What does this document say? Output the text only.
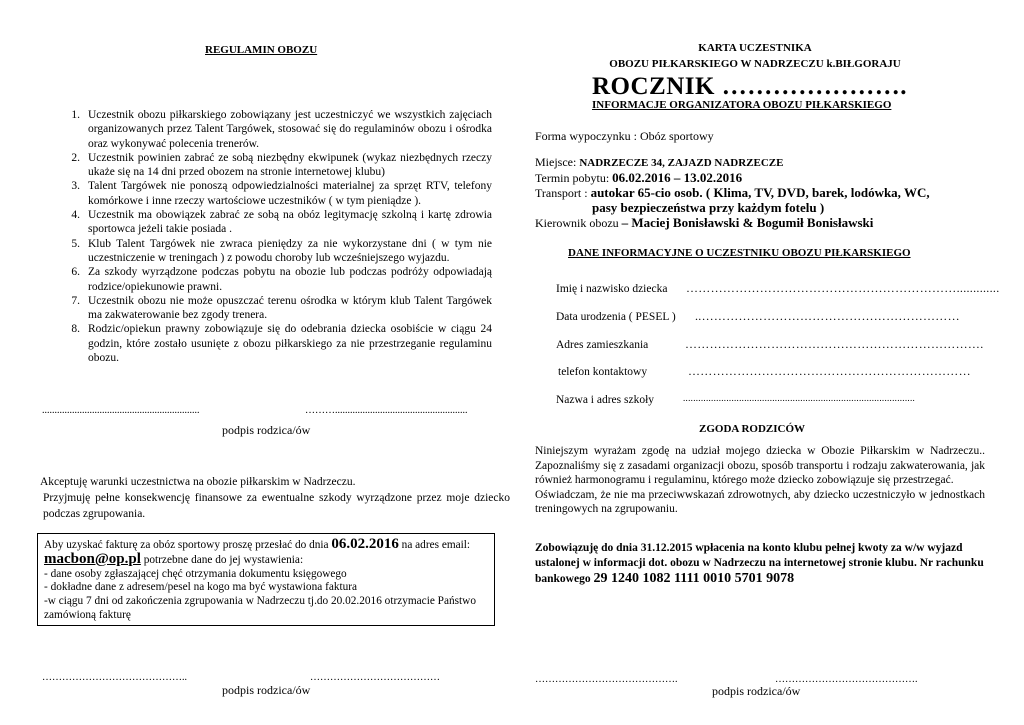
REGULAMIN OBOZU
1. Uczestnik obozu piłkarskiego zobowiązany jest uczestniczyć we wszystkich zajęciach organizowanych przez Talent Targówek, stosować się do regulaminów obozu i ośrodka oraz wykonywać polecenia trenerów.
2. Uczestnik powinien zabrać ze sobą niezbędny ekwipunek (wykaz niezbędnych rzeczy ukaże się na 14 dni przed obozem na stronie internetowej klubu)
3. Talent Targówek nie ponoszą odpowiedzialności materialnej za sprzęt RTV, telefony komórkowe i inne rzeczy wartościowe uczestników ( w tym pieniądze ).
4. Uczestnik ma obowiązek zabrać ze sobą na obóz legitymację szkolną i kartę zdrowia sportowca jeżeli takie posiada .
5. Klub Talent Targówek nie zwraca pieniędzy za nie wykorzystane dni ( w tym nie uczestniczenie w treningach ) z powodu choroby lub wcześniejszego wyjazdu.
6. Za szkody wyrządzone podczas pobytu na obozie lub podczas podróży odpowiadają rodzice/opiekunowie prawni.
7. Uczestnik obozu nie może opuszczać terenu ośrodka w którym klub Talent Targówek ma zakwaterowanie bez zgody trenera.
8. Rodzic/opiekun prawny zobowiązuje się do odebrania dziecka osobiście w ciągu 24 godzin, które zostało usunięte z obozu piłkarskiego za nie przestrzeganie regulaminu obozu.
...............................................................	……….....................................................
podpis rodzica/ów
Akceptuję warunki uczestnictwa na obozie piłkarskim w Nadrzeczu.
Przyjmuję pełne konsekwencję finansowe za ewentualne szkody wyrządzone przez moje dziecko podczas zgrupowania.
Aby uzyskać fakturę za obóz sportowy proszę przesłać do dnia 06.02.2016 na adres email: macbon@op.pl potrzebne dane do jej wystawienia:
- dane osoby zgłaszającej chęć otrzymania dokumentu księgowego
- dokładne dane z adresem/pesel na kogo ma być wystawiona faktura
-w ciągu 7 dni od zakończenia zgrupowania w Nadrzeczu tj.do 20.02.2016 otrzymacie Państwo zamówioną fakturę
……………………………………..	…………………………………
podpis rodzica/ów
KARTA UCZESTNIKA
OBOZU PIŁKARSKIEGO W NADRZECZU k.BIŁGORAJU
ROCZNIK ………………….
INFORMACJE ORGANIZATORA OBOZU PIŁKARSKIEGO
Forma wypoczynku : Obóz sportowy
Miejsce: NADRZECZE 34, ZAJAZD NADRZECZE
Termin pobytu: 06.02.2016 – 13.02.2016
Transport : autokar 65-cio osob. ( Klima, TV, DVD, barek, lodówka, WC,
pasy bezpieczeństwa przy każdym fotelu )
Kierownik obozu – Maciej Bonisławski & Bogumił Bonisławski
DANE INFORMACYJNE O UCZESTNIKU OBOZU PIŁKARSKIEGO
Imię i nazwisko dziecka ………………………………………………………….............
Data urodzenia ( PESEL ) ..………………………………………………………
Adres zamieszkania	……………………………………………………………….
telefon kontaktowy	……………………………………………………………
Nazwa i adres szkoły	...........................................................................................
ZGODA RODZICÓW
Niniejszym wyrażam zgodę na udział mojego dziecka w Obozie Piłkarskim w Nadrzeczu.. Zapoznaliśmy się z zasadami organizacji obozu, sposób transportu i rodzaju zakwaterowania, jak również harmonogramu i regulaminu, którego może dziecko zobowiązuje się przestrzegać.
Oświadczam, że nie ma przeciwwskazań zdrowotnych, aby dziecko uczestniczyło w jednostkach treningowych na zgrupowaniu.
Zobowiązuję do dnia 31.12.2015 wpłacenia na konto klubu pełnej kwoty za w/w wyjazd ustalonej w informacji dot. obozu w Nadrzeczu na internetowej stronie klubu. Nr rachunku bankowego 29 1240 1082 1111 0010 5701 9078
…………………………………….	…………………………………….
podpis rodzica/ów
